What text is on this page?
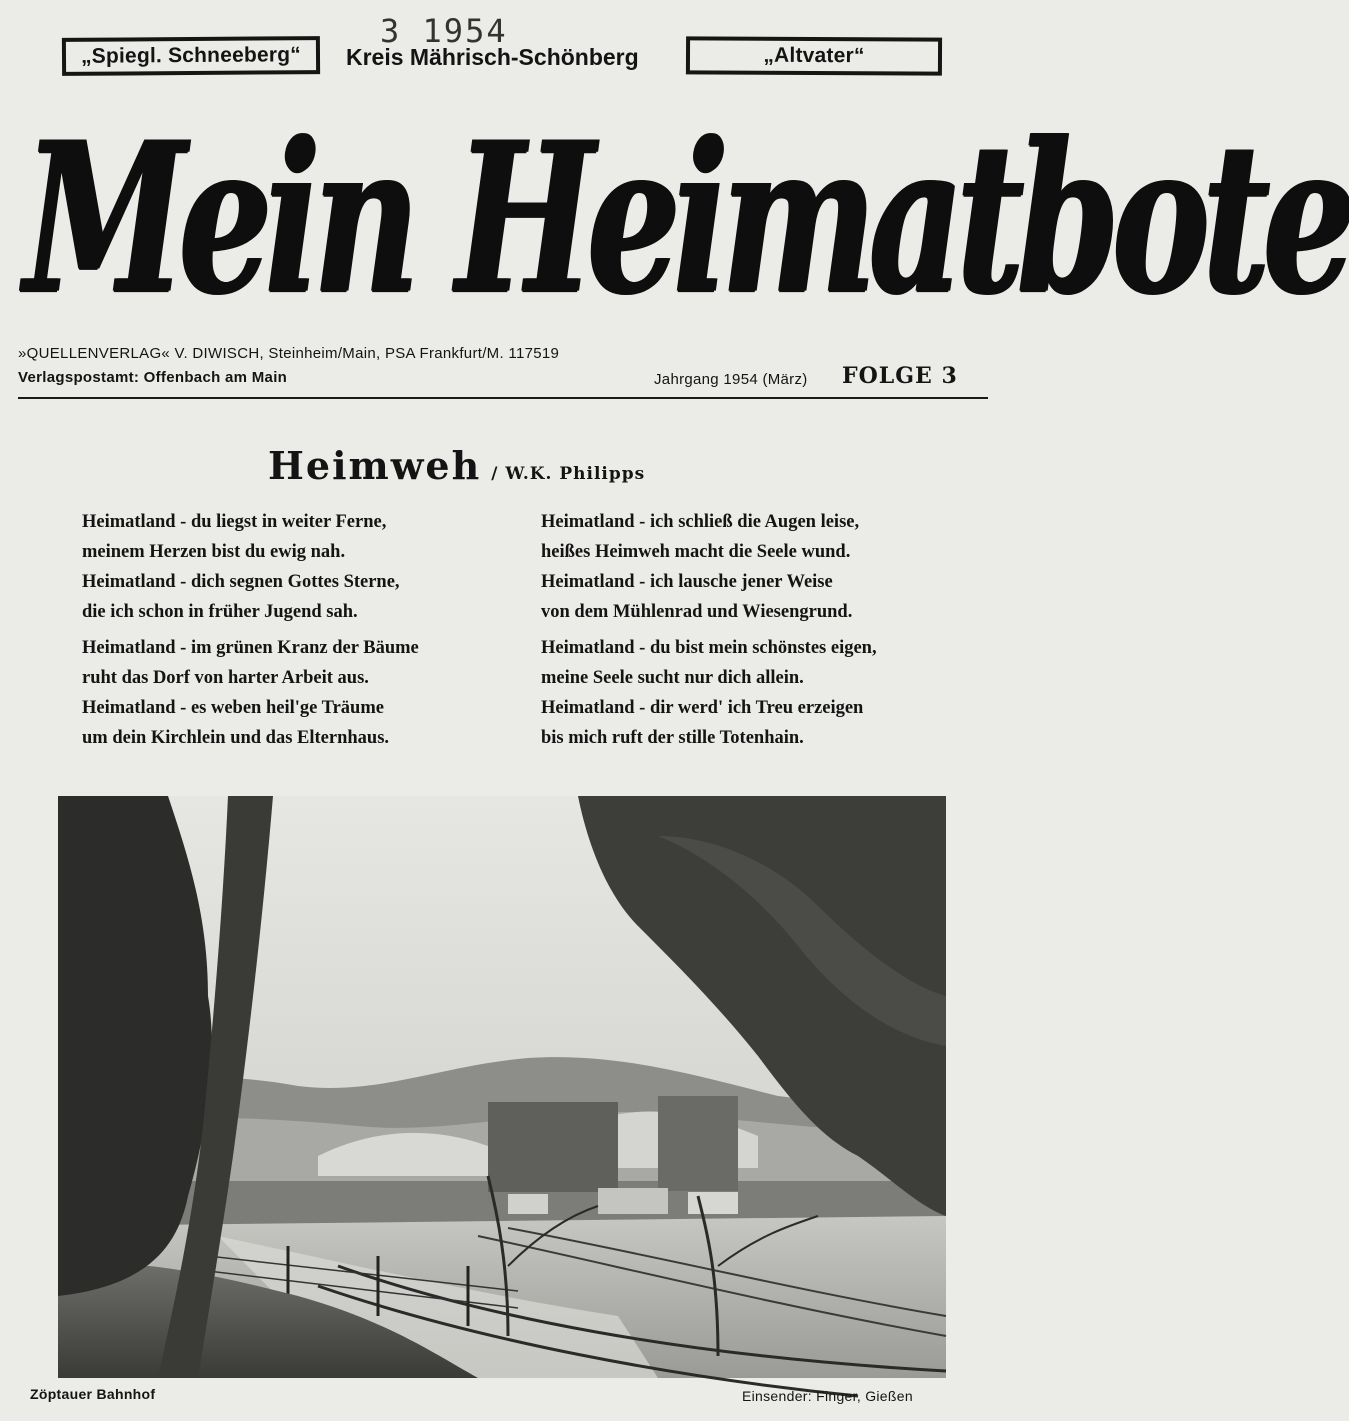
„Spiegl. Schneeberg“ Kreis Mährisch-Schönberg
3 1954
„Altvater“
Mein Heimatbote
»QUELLENVERLAG« V. DIWISCH, Steinheim/Main, PSA Frankfurt/M. 117519
Verlagspostamt: Offenbach am Main	Jahrgang 1954 (März) FOLGE 3
Heimweh / W.K. Philipps
Heimatland - du liegst in weiter Ferne,
meinem Herzen bist du ewig nah.
Heimatland - dich segnen Gottes Sterne,
die ich schon in früher Jugend sah.
Heimatland - im grünen Kranz der Bäume
ruht das Dorf von harter Arbeit aus.
Heimatland - es weben heil'ge Träume
um dein Kirchlein und das Elternhaus.
Heimatland - ich schließ die Augen leise,
heißes Heimweh macht die Seele wund.
Heimatland - ich lausche jener Weise
von dem Mühlenrad und Wiesengrund.
Heimatland - du bist mein schönstes eigen,
meine Seele sucht nur dich allein.
Heimatland - dir werd' ich Treu erzeigen
bis mich ruft der stille Totenhain.
Zöptauer Bahnhof	Einsender: Finger, Gießen
